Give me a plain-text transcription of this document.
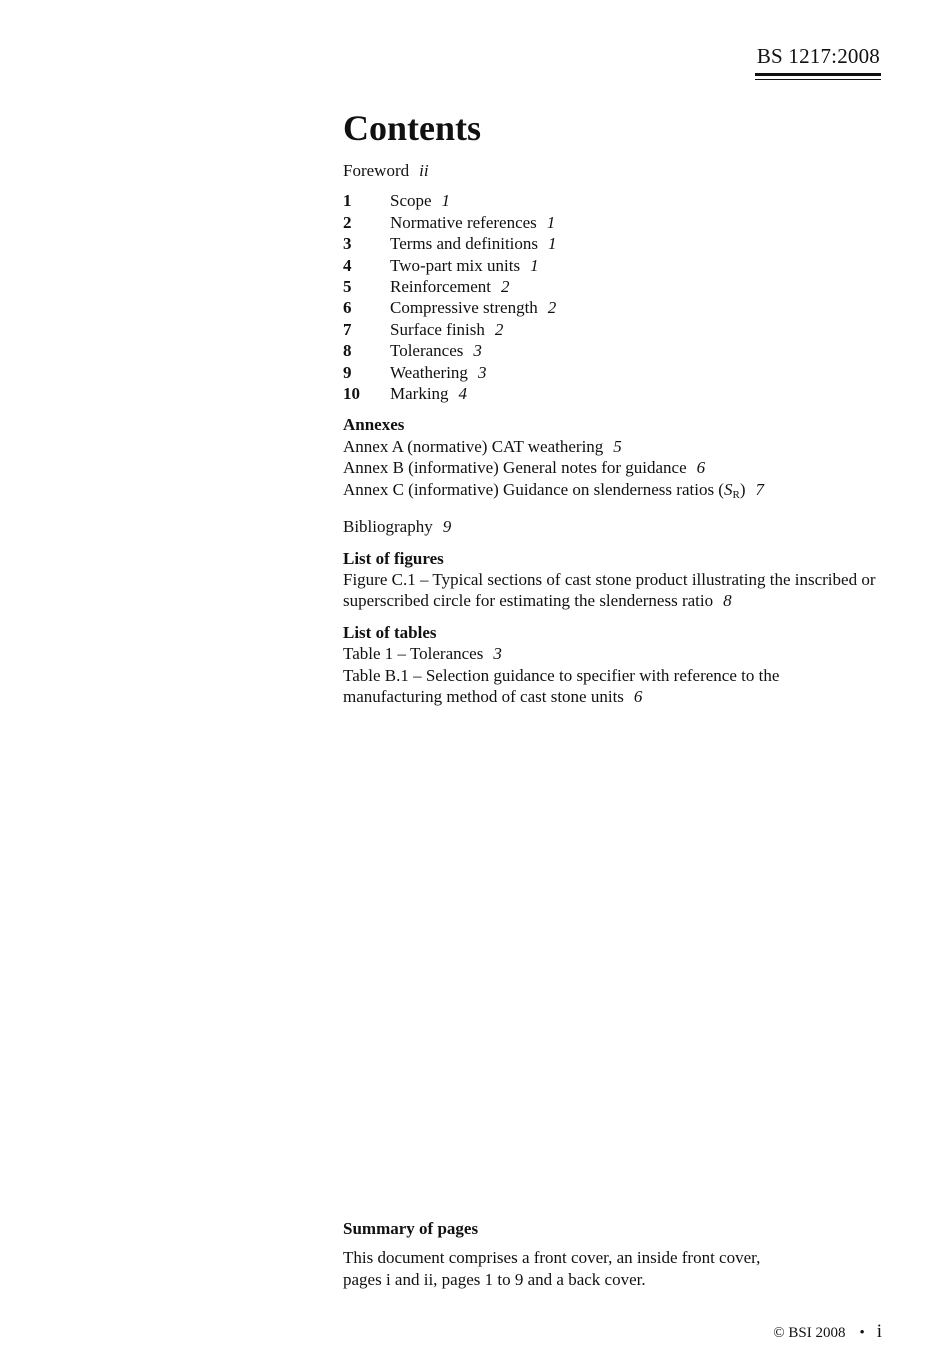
BS 1217:2008
Contents
Foreword ii
1	Scope 1
2	Normative references 1
3	Terms and definitions 1
4	Two-part mix units 1
5	Reinforcement 2
6	Compressive strength 2
7	Surface finish 2
8	Tolerances 3
9	Weathering 3
10	Marking 4
Annexes
Annex A (normative) CAT weathering 5
Annex B (informative) General notes for guidance 6
Annex C (informative) Guidance on slenderness ratios $(S_R)$ 7
Bibliography 9
List of figures
Figure C.1 – Typical sections of cast stone product illustrating the inscribed or superscribed circle for estimating the slenderness ratio 8
List of tables
Table 1 – Tolerances 3
Table B.1 – Selection guidance to specifier with reference to the manufacturing method of cast stone units 6
Summary of pages
This document comprises a front cover, an inside front cover,
pages i and ii, pages 1 to 9 and a back cover.
© BSI 2008 • i
